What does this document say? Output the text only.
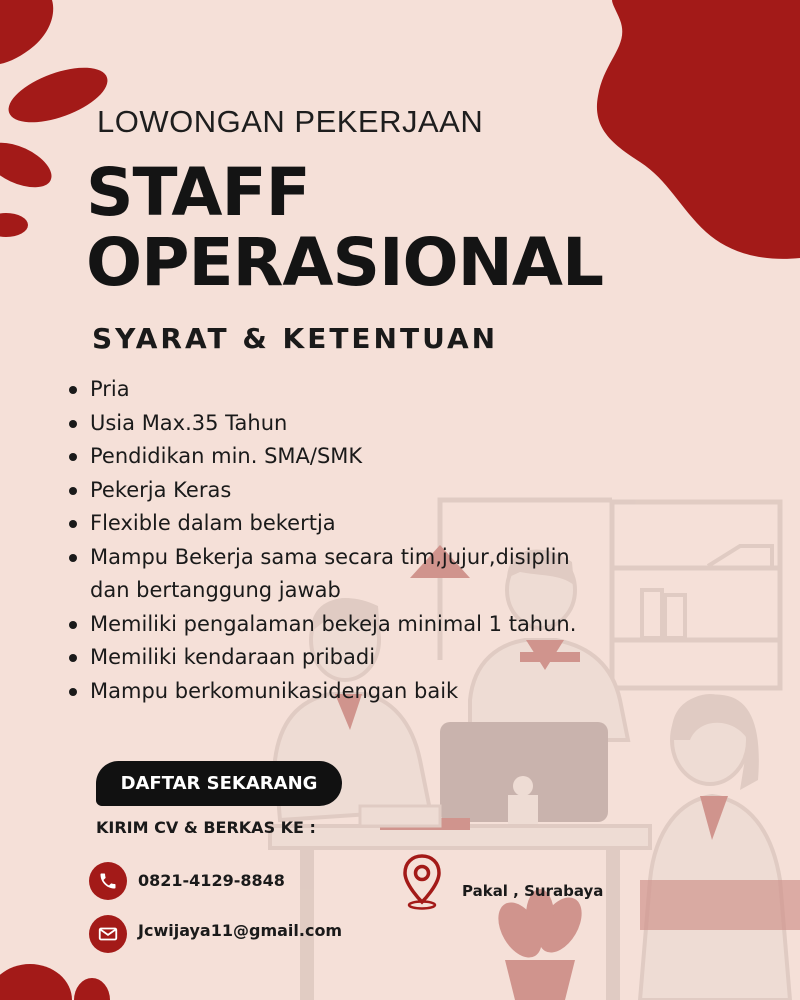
LOWONGAN PEKERJAAN
STAFF
OPERASIONAL
SYARAT & KETENTUAN
Pria
Usia Max.35 Tahun
Pendidikan min. SMA/SMK
Pekerja Keras
Flexible dalam bekertja
Mampu Bekerja sama secara tim,jujur,disiplin dan bertanggung jawab
Memiliki pengalaman bekeja minimal 1 tahun.
Memiliki kendaraan pribadi
Mampu berkomunikasidengan baik
DAFTAR SEKARANG
KIRIM CV & BERKAS KE :
0821-4129-8848
Jcwijaya11@gmail.com
Pakal , Surabaya
